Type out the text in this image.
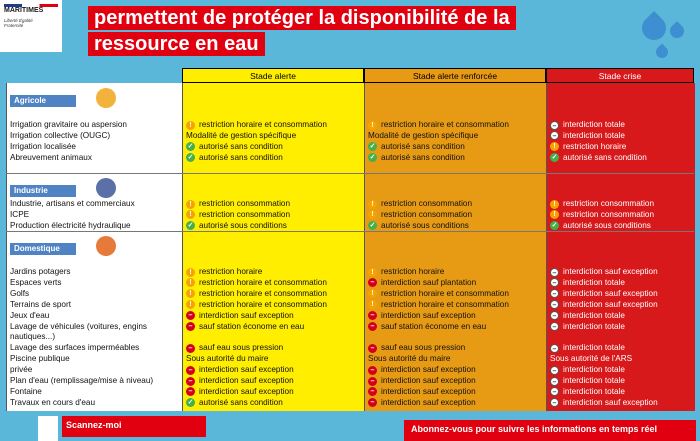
MARITIMES
Liberté Égalité Fraternité	permettent de protéger la disponibilité de la
ressource en eau
Stade alerte	Stade alerte renforcée	Stade crise
Agricole
Irrigation gravitaire ou aspersion	! restriction horaire et consommation	! restriction horaire et consommation	– interdiction totale
Irrigation collective (OUGC)	Modalité de gestion spécifique	Modalité de gestion spécifique	– interdiction totale
Irrigation localisée	✓ autorisé sans condition	✓ autorisé sans condition	! restriction horaire
Abreuvement animaux	✓ autorisé sans condition	✓ autorisé sans condition	✓ autorisé sans condition
Industrie
Industrie, artisans et commerciaux	! restriction consommation	! restriction consommation	! restriction consommation
ICPE	! restriction consommation	! restriction consommation	! restriction consommation
Production électricité hydraulique	✓ autorisé sous conditions	✓ autorisé sous conditions	✓ autorisé sous conditions
Domestique
Jardins potagers	! restriction horaire	! restriction horaire	– interdiction sauf exception
Espaces verts	! restriction horaire et consommation	– interdiction sauf plantation	– interdiction totale
Golfs	! restriction horaire et consommation	! restriction horaire et consommation	– interdiction sauf exception
Terrains de sport	! restriction horaire et consommation	! restriction horaire et consommation	– interdiction sauf exception
Jeux d'eau	– interdiction sauf exception	– interdiction sauf exception	– interdiction totale
Lavage de véhicules (voitures, engins	– sauf station économe en eau	– sauf station économe en eau	– interdiction totale
nautiques...)
Lavage des surfaces imperméables	– sauf eau sous pression	– sauf eau sous pression	– interdiction totale
Piscine publique	Sous autorité du maire	Sous autorité du maire	Sous autorité de l'ARS
privée	– interdiction sauf exception	– interdiction sauf exception	– interdiction totale
Plan d'eau (remplissage/mise à niveau)	– interdiction sauf exception	– interdiction sauf exception	– interdiction totale
Fontaine	– interdiction sauf exception	– interdiction sauf exception	– interdiction totale
Travaux en cours d'eau	✓ autorisé sans condition	– interdiction sauf exception	– interdiction sauf exception
Scannez-moi	Abonnez-vous pour suivre les informations en temps réel
